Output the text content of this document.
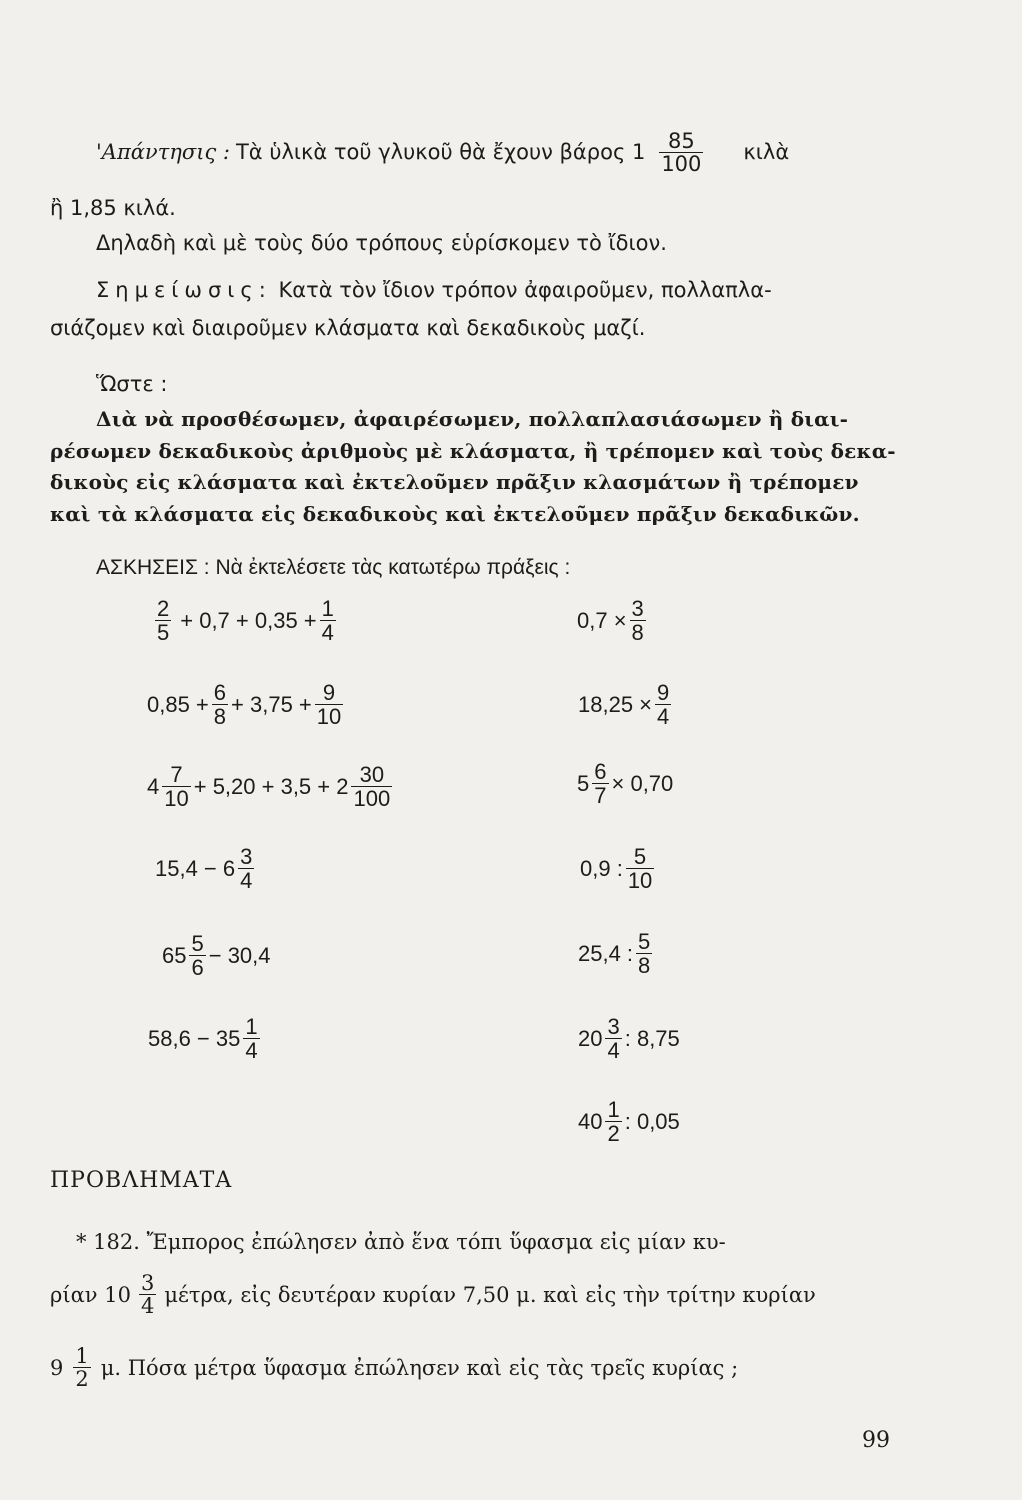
'Απάντησις : Τὰ ὑλικὰ τοῦ γλυκοῦ θὰ ἔχουν βάρος $1 \frac{85}{100}$ κιλὰ
ἢ 1,85 κιλά.
Δηλαδὴ καὶ μὲ τοὺς δύο τρόπους εὑρίσκομεν τὸ ἴδιον.
Σημείωσις: Κατὰ τὸν ἴδιον τρόπον ἀφαιροῦμεν, πολλαπλα-
σιάζομεν καὶ διαιροῦμεν κλάσματα καὶ δεκαδικοὺς μαζί.
Ὥστε :
Διὰ νὰ προσθέσωμεν, ἀφαιρέσωμεν, πολλαπλασιάσωμεν ἢ διαι-
ρέσωμεν δεκαδικοὺς ἀριθμοὺς μὲ κλάσματα, ἢ τρέπομεν καὶ τοὺς δεκα-
δικοὺς εἰς κλάσματα καὶ ἐκτελοῦμεν πρᾶξιν κλασμάτων ἢ τρέπομεν
καὶ τὰ κλάσματα εἰς δεκαδικοὺς καὶ ἐκτελοῦμεν πρᾶξιν δεκαδικῶν.
ΑΣΚΗΣΕΙΣ : Νὰ ἐκτελέσετε τὰς κατωτέρω πράξεις :
$\frac{2}{5} + 0,7 + 0,35 + \frac{1}{4}$
$0,85 + \frac{6}{8} + 3,75 + \frac{9}{10}$
$4 \frac{7}{10} + 5,20 + 3,5 + 2 \frac{30}{100}$
$15,4 - 6 \frac{3}{4}$
$65 \frac{5}{6} - 30,4$
$58,6 - 35 \frac{1}{4}$
$0,7 \times \frac{3}{8}$
$18,25 \times \frac{9}{4}$
$5 \frac{6}{7} \times 0,70$
0,9 : $\frac{5}{10}$
25,4 : $\frac{5}{8}$
$20 \frac{3}{4}$ : 8,75
$40 \frac{1}{2}$ : 0,05
ΠΡΟΒΛΗΜΑΤΑ
* 182. Ἔμπορος ἐπώλησεν ἀπὸ ἕνα τόπι ὕφασμα εἰς μίαν κυ-
ρίαν $10 \frac{3}{4} \mu έ\tau\rho\alpha$, εἰς δευτέραν κυρίαν 7,50 μ. καὶ εἰς τὴν τρίτην κυρίαν
$9 \frac{1}{2} \mu$. Πόσα μέτρα ὕφασμα ἐπώλησεν καὶ εἰς τὰς τρεῖς κυρίας ;
99
